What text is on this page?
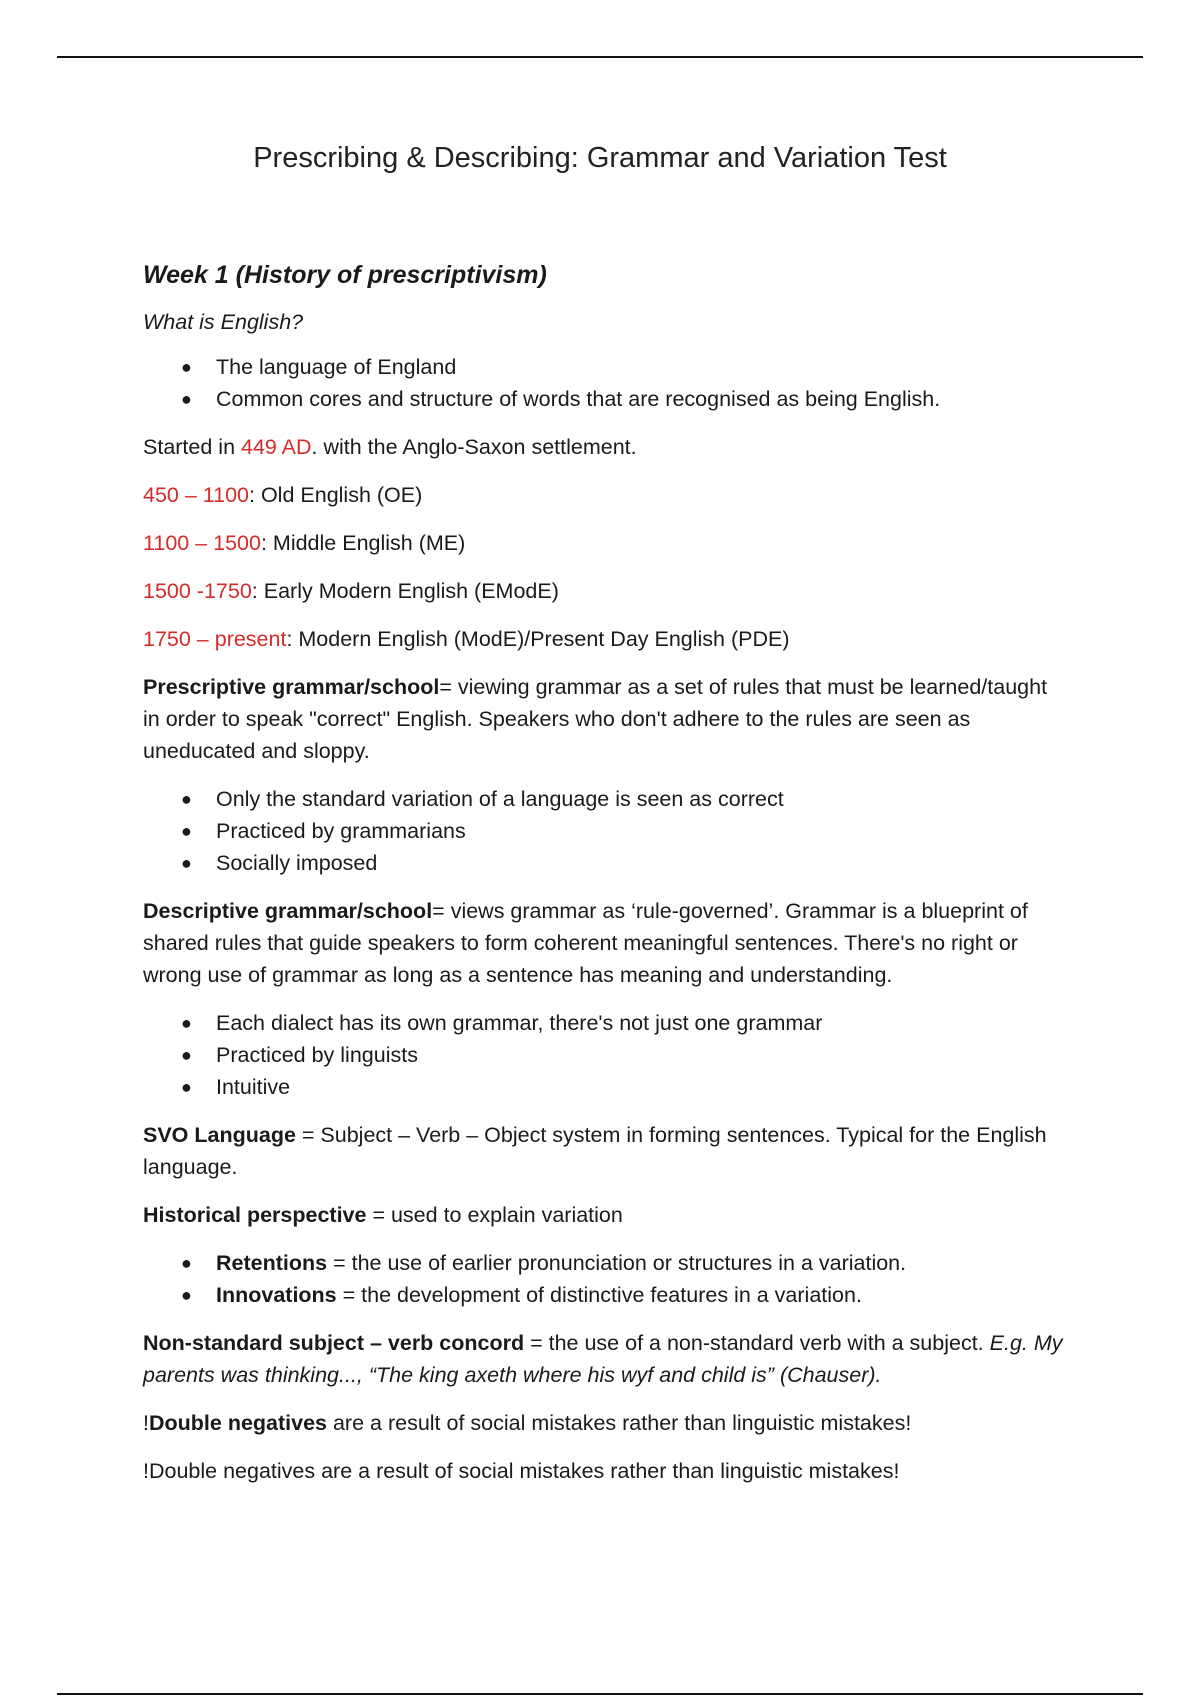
Prescribing & Describing: Grammar and Variation Test
Week 1 (History of prescriptivism)
What is English?
● The language of England
● Common cores and structure of words that are recognised as being English.

Started in 449 AD. with the Anglo-Saxon settlement.

450 – 1100: Old English (OE)

1100 – 1500: Middle English (ME)

1500 -1750: Early Modern English (EModE)

1750 – present: Modern English (ModE)/Present Day English (PDE)

Prescriptive grammar/school= viewing grammar as a set of rules that must be learned/taught in order to speak "correct" English. Speakers who don't adhere to the rules are seen as uneducated and sloppy.

● Only the standard variation of a language is seen as correct
● Practiced by grammarians
● Socially imposed

Descriptive grammar/school= views grammar as ‘rule-governed’. Grammar is a blueprint of shared rules that guide speakers to form coherent meaningful sentences. There's no right or wrong use of grammar as long as a sentence has meaning and understanding.

● Each dialect has its own grammar, there's not just one grammar
● Practiced by linguists
● Intuitive

SVO Language = Subject – Verb – Object system in forming sentences. Typical for the English language.

Historical perspective = used to explain variation

● Retentions = the use of earlier pronunciation or structures in a variation.
● Innovations = the development of distinctive features in a variation.

Non-standard subject – verb concord = the use of a non-standard verb with a subject. E.g. My parents was thinking..., “The king axeth where his wyf and child is” (Chauser).

!Double negatives are a result of social mistakes rather than linguistic mistakes!

!Double negatives are a result of social mistakes rather than linguistic mistakes!
